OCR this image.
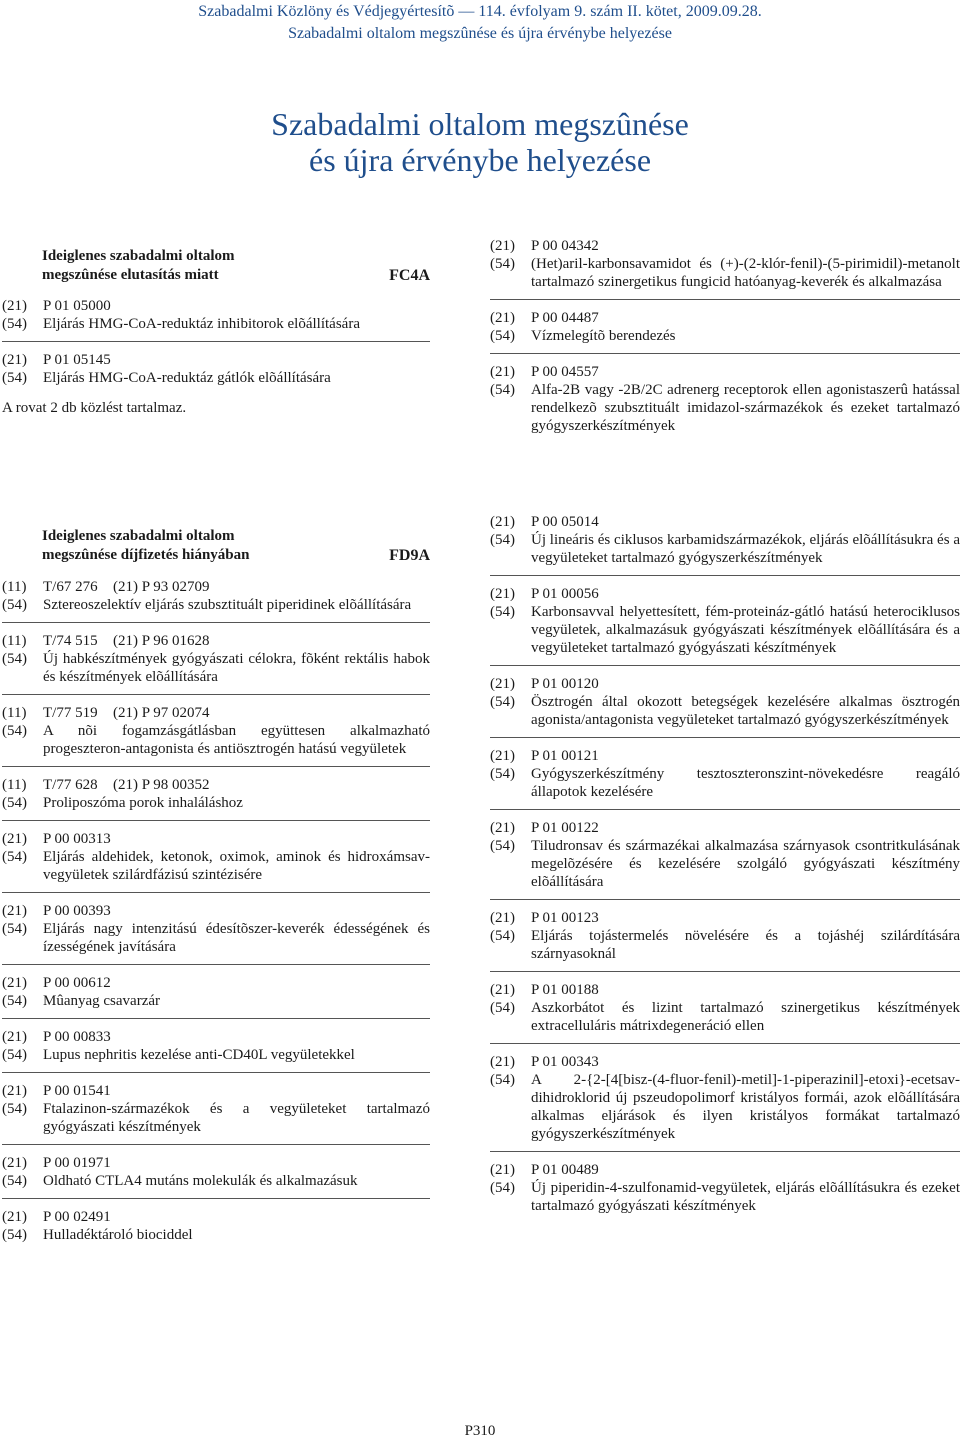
Szabadalmi Közlöny és Védjegyértesítõ — 114. évfolyam 9. szám II. kötet, 2009.09.28.
Szabadalmi oltalom megszûnése és újra érvénybe helyezése
Szabadalmi oltalom megszûnése
és újra érvénybe helyezése
Ideiglenes szabadalmi oltalom
megszûnése elutasítás miatt	FC4A
(21)	P 01 05000
(54)	Eljárás HMG-CoA-reduktáz inhibitorok elõállítására
(21)	P 01 05145
(54)	Eljárás HMG-CoA-reduktáz gátlók elõállítására
A rovat 2 db közlést tartalmaz.
Ideiglenes szabadalmi oltalom
megszûnése díjfizetés hiányában	FD9A
(11)	T/67 276 (21) P 93 02709
(54)	Sztereoszelektív eljárás szubsztituált piperidinek elõállítására
(11)	T/74 515 (21) P 96 01628
(54)	Új habkészítmények gyógyászati célokra, fõként rektális habok és készítmények elõállítására
(11)	T/77 519 (21) P 97 02074
(54)	A nõi fogamzásgátlásban együttesen alkalmazható progeszteron-antagonista és antiösztrogén hatású vegyületek
(11)	T/77 628 (21) P 98 00352
(54)	Proliposzóma porok inhaláláshoz
(21)	P 00 00313
(54)	Eljárás aldehidek, ketonok, oximok, aminok és hidroxámsav-vegyületek szilárdfázisú szintézisére
(21)	P 00 00393
(54)	Eljárás nagy intenzitású édesítõszer-keverék édességének és ízességének javítására
(21)	P 00 00612
(54)	Mûanyag csavarzár
(21)	P 00 00833
(54)	Lupus nephritis kezelése anti-CD40L vegyületekkel
(21)	P 00 01541
(54)	Ftalazinon-származékok és a vegyületeket tartalmazó gyógyászati készítmények
(21)	P 00 01971
(54)	Oldható CTLA4 mutáns molekulák és alkalmazásuk
(21)	P 00 02491
(54)	Hulladéktároló biociddel
(21)	P 00 04342
(54)	(Het)aril-karbonsavamidot és (+)-(2-klór-fenil)-(5-pirimidil)-metanolt tartalmazó szinergetikus fungicid hatóanyag-keverék és alkalmazása
(21)	P 00 04487
(54)	Vízmelegítõ berendezés
(21)	P 00 04557
(54)	Alfa-2B vagy -2B/2C adrenerg receptorok ellen agonistaszerû hatással rendelkezõ szubsztituált imidazol-származékok és ezeket tartalmazó gyógyszerkészítmények
(21)	P 00 05014
(54)	Új lineáris és ciklusos karbamidszármazékok, eljárás elõállításukra és a vegyületeket tartalmazó gyógyszerkészítmények
(21)	P 01 00056
(54)	Karbonsavval helyettesített, fém-proteináz-gátló hatású heterociklusos vegyületek, alkalmazásuk gyógyászati készítmények elõállítására és a vegyületeket tartalmazó gyógyászati készítmények
(21)	P 01 00120
(54)	Ösztrogén által okozott betegségek kezelésére alkalmas ösztrogén agonista/antagonista vegyületeket tartalmazó gyógyszerkészítmények
(21)	P 01 00121
(54)	Gyógyszerkészítmény tesztoszteronszint-növekedésre reagáló állapotok kezelésére
(21)	P 01 00122
(54)	Tiludronsav és származékai alkalmazása szárnyasok csontritkulásának megelõzésére és kezelésére szolgáló gyógyászati készítmény elõállítására
(21)	P 01 00123
(54)	Eljárás tojástermelés növelésére és a tojáshéj szilárdítására szárnyasoknál
(21)	P 01 00188
(54)	Aszkorbátot és lizint tartalmazó szinergetikus készítmények extracelluláris mátrixdegeneráció ellen
(21)	P 01 00343
(54)	A 2-{2-[4[bisz-(4-fluor-fenil)-metil]-1-piperazinil]-etoxi}-ecetsav-dihidroklorid új pszeudopolimorf kristályos formái, azok elõállítására alkalmas eljárások és ilyen kristályos formákat tartalmazó gyógyszerkészítmények
(21)	P 01 00489
(54)	Új piperidin-4-szulfonamid-vegyületek, eljárás elõállításukra és ezeket tartalmazó gyógyászati készítmények
P310
